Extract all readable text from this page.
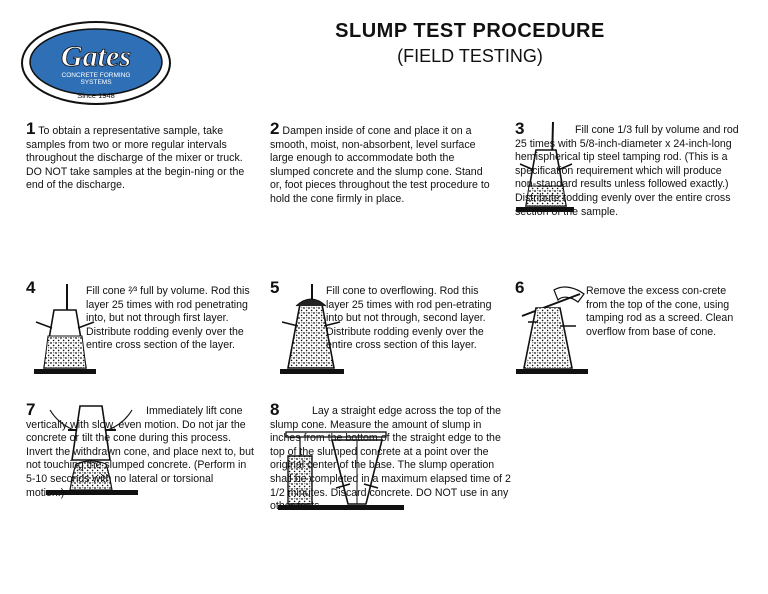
Gates
CONCRETE FORMING
SYSTEMS
Since 1948
SLUMP TEST PROCEDURE
(FIELD TESTING)
1 To obtain a representative sample, take samples from two or more regular intervals throughout the discharge of the mixer or truck. DO NOT take samples at the begin-ning or the end of the discharge.
2 Dampen inside of cone and place it on a smooth, moist, non-absorbent, level surface large enough to accommodate both the slumped concrete and the slump cone. Stand or, foot pieces throughout the test procedure to hold the cone firmly in place.
3	Fill cone 1/3 full by volume and rod 25 times with 5/8-inch-diameter x 24-inch-long hemispherical tip steel tamping rod. (This is a specification requirement which will produce non-standard results unless followed exactly.) Distribute rodding evenly over the entire cross section of the sample.
4	Fill cone ²⁄³ full by volume. Rod this layer 25 times with rod penetrating into, but not through first layer. Distribute rodding evenly over the entire cross section of the layer.
5	Fill cone to overflowing. Rod this layer 25 times with rod pen-etrating into but not through, second layer. Distribute rodding evenly over the entire cross section of this layer.
6	Remove the excess con-crete from the top of the cone, using tamping rod as a screed. Clean overflow from base of cone.
7	Immediately lift cone vertically with slow, even motion. Do not jar the concrete or tilt the cone during this process. Invert the withdrawn cone, and place next to, but not touching the slumped concrete. (Perform in 5-10 seconds with no lateral or torsional motion.)
8	Lay a straight edge across the top of the slump cone. Measure the amount of slump in inches from the bottom of the straight edge to the top of the slumped concrete at a point over the original center of the base. The slump operation shall be completed in a maximum elapsed time of 2 1/2 minutes. Discard concrete. DO NOT use in any other tests.
